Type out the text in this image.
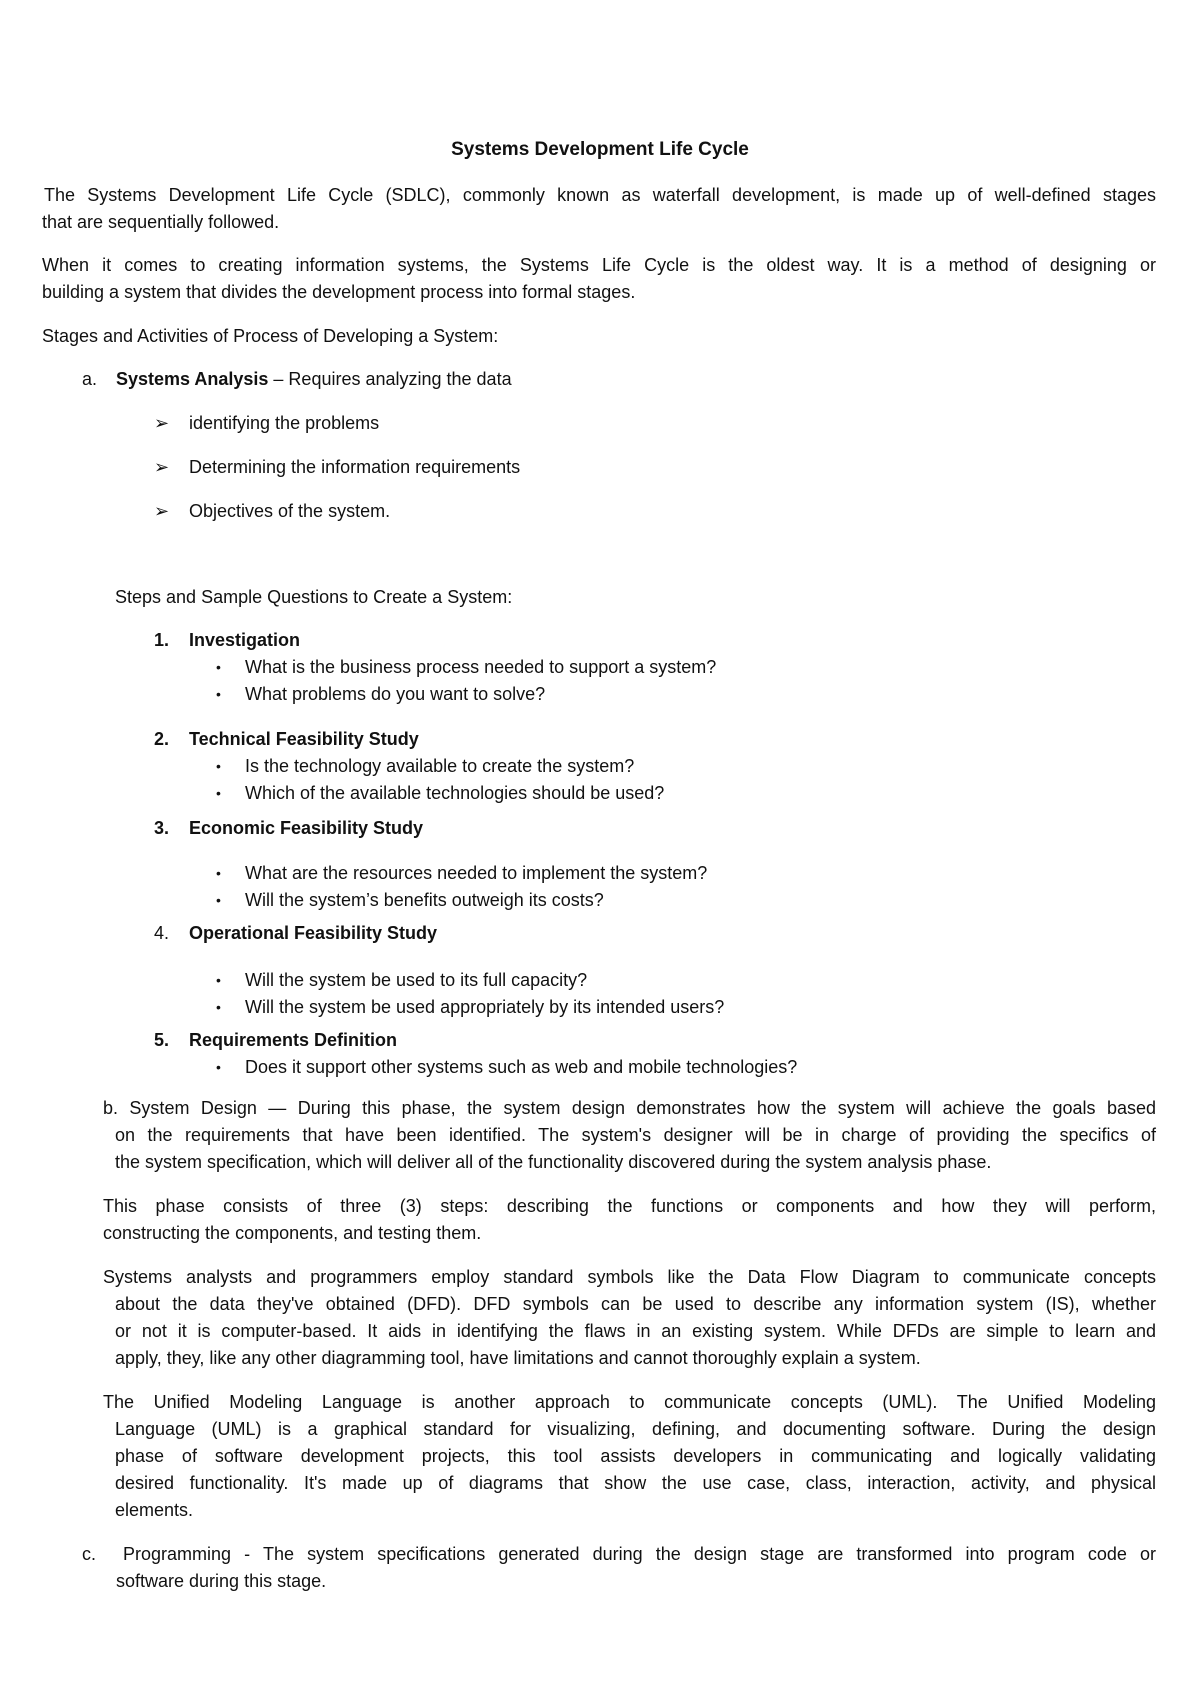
Systems Development Life Cycle
The Systems Development Life Cycle (SDLC), commonly known as waterfall development, is made up of well-defined stages
that are sequentially followed.
When it comes to creating information systems, the Systems Life Cycle is the oldest way. It is a method of designing or
building a system that divides the development process into formal stages.
Stages and Activities of Process of Developing a System:
a. Systems Analysis – Requires analyzing the data
➢ identifying the problems
➢ Determining the information requirements
➢ Objectives of the system.
Steps and Sample Questions to Create a System:
1. Investigation
• What is the business process needed to support a system?
• What problems do you want to solve?
2. Technical Feasibility Study
• Is the technology available to create the system?
• Which of the available technologies should be used?
3. Economic Feasibility Study
• What are the resources needed to implement the system?
• Will the system’s benefits outweigh its costs?
4. Operational Feasibility Study
• Will the system be used to its full capacity?
• Will the system be used appropriately by its intended users?
5. Requirements Definition
• Does it support other systems such as web and mobile technologies?
b. System Design — During this phase, the system design demonstrates how the system will achieve the goals based
on the requirements that have been identified. The system's designer will be in charge of providing the specifics of
the system specification, which will deliver all of the functionality discovered during the system analysis phase.
This phase consists of three (3) steps: describing the functions or components and how they will perform,
constructing the components, and testing them.
Systems analysts and programmers employ standard symbols like the Data Flow Diagram to communicate concepts
about the data they've obtained (DFD). DFD symbols can be used to describe any information system (IS), whether
or not it is computer-based. It aids in identifying the flaws in an existing system. While DFDs are simple to learn and
apply, they, like any other diagramming tool, have limitations and cannot thoroughly explain a system.
The Unified Modeling Language is another approach to communicate concepts (UML). The Unified Modeling
Language (UML) is a graphical standard for visualizing, defining, and documenting software. During the design
phase of software development projects, this tool assists developers in communicating and logically validating
desired functionality. It's made up of diagrams that show the use case, class, interaction, activity, and physical
elements.
c. Programming - The system specifications generated during the design stage are transformed into program code or
software during this stage.
